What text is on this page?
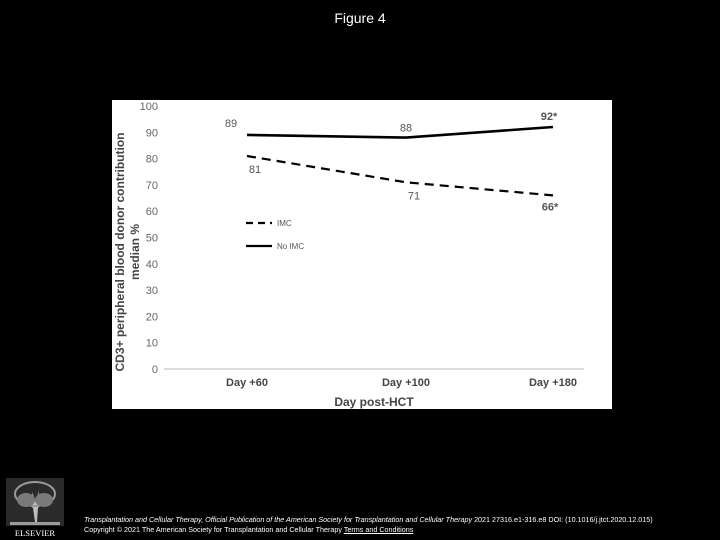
Figure 4
0
10
20
30
40
50
60
70
80
90
100
Day +60	Day +100	Day +180
81
71
66*
89	88
92*
IMC
No IMC
CD3+ peripheral blood donor contribution median %
Day post-HCT
ELSEVIER
Transplantation and Cellular Therapy, Official Publication of the American Society for Transplantation and Cellular Therapy 2021 27316.e1-316.e8 DOI: (10.1016/j.jtct.2020.12.015)
Copyright © 2021 The American Society for Transplantation and Cellular Therapy Terms and Conditions
